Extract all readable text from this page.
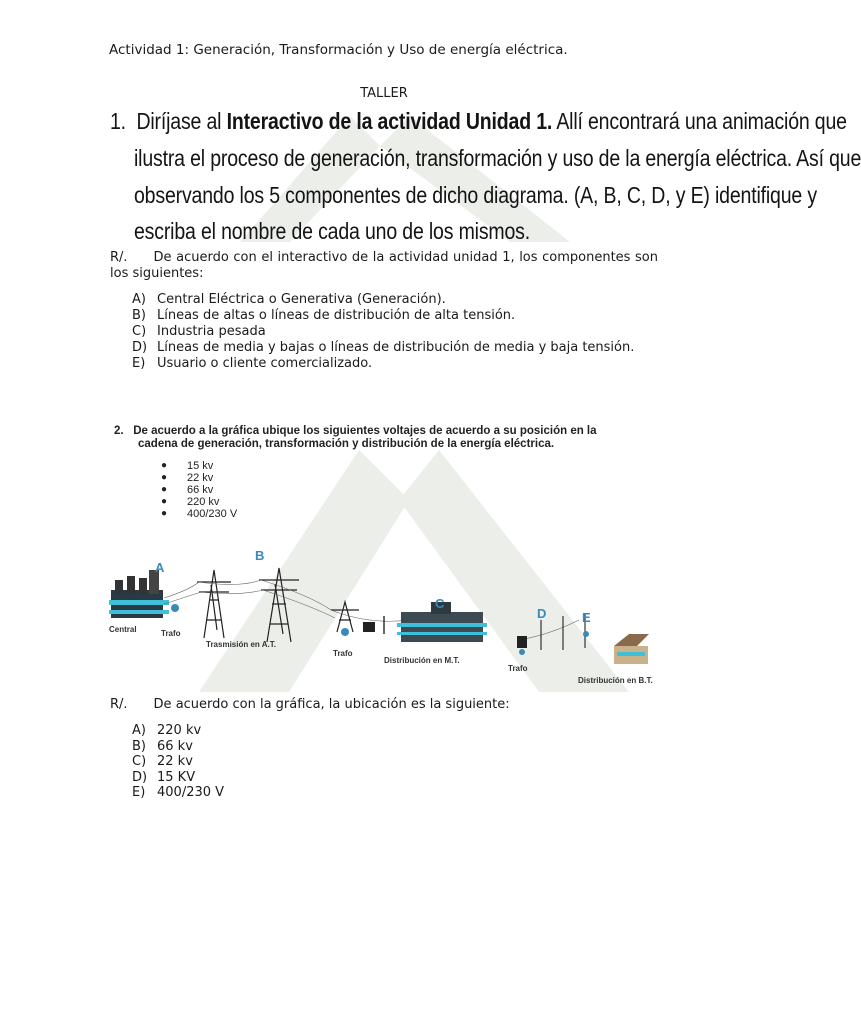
Actividad 1: Generación, Transformación y Uso de energía eléctrica.
TALLER
1. Diríjase al Interactivo de la actividad Unidad 1. Allí encontrará una animación que
ilustra el proceso de generación, transformación y uso de la energía eléctrica. Así que
observando los 5 componentes de dicho diagrama. (A, B, C, D, y E) identifique y
escriba el nombre de cada uno de los mismos.
R/. De acuerdo con el interactivo de la actividad unidad 1, los componentes son los siguientes:
A) Central Eléctrica o Generativa (Generación).
B) Líneas de altas o líneas de distribución de alta tensión.
C) Industria pesada
D) Líneas de media y bajas o líneas de distribución de media y baja tensión.
E) Usuario o cliente comercializado.
2. De acuerdo a la gráfica ubique los siguientes voltajes de acuerdo a su posición en la
cadena de generación, transformación y distribución de la energía eléctrica.
●	15 kv
●	22 kv
●	66 kv
●	220 kv
●	400/230 V
A
B
C
D	E
Central	Trafo
Trasmisión en A.T.
Trafo
Distribución en M.T.
Trafo
Distribución en B.T.
R/. De acuerdo con la gráfica, la ubicación es la siguiente:
A) 220 kv
B) 66 kv
C) 22 kv
D) 15 KV
E) 400/230 V
